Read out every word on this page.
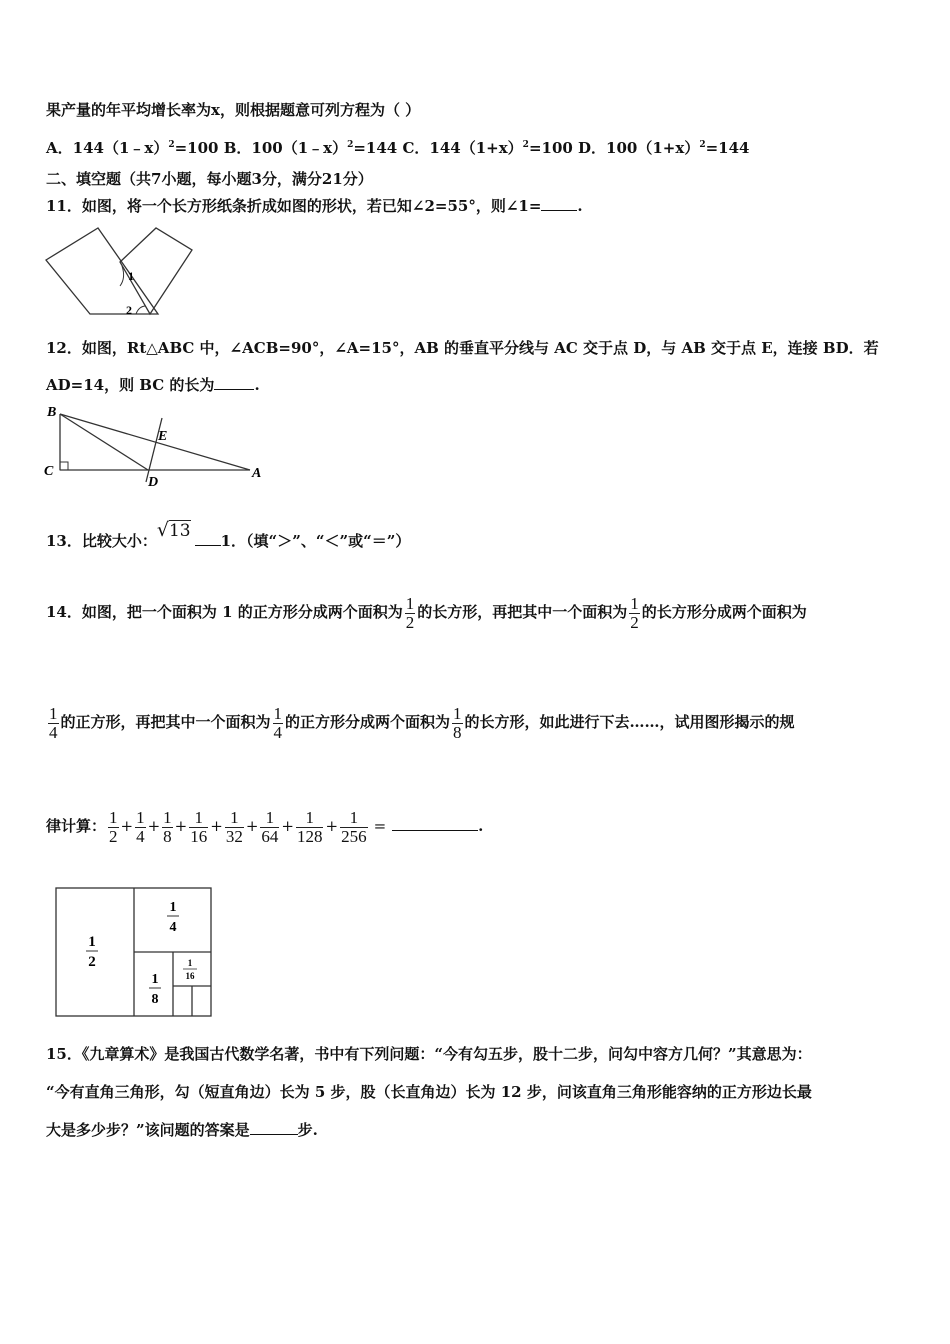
果产量的年平均增长率为x，则根据题意可列方程为（ ）
A．144（1﹣x）$^2$=100 B．100（1﹣x）$^2$=144 C．$144(1+x)^2=100$ D．$100(1+x)^2=144$
二、填空题（共7小题，每小题3分，满分21分）
11．如图，将一个长方形纸条折成如图的形状，若已知∠2=55°，则∠1= .
1
2
12．如图，Rt△ABC 中，∠ACB=90°，∠A=15°，AB 的垂直平分线与 AC 交于点 D，与 AB 交于点 E，连接 BD．若
AD=14，则 BC 的长为	.
B
C
D
E
A
13．比较大小：√13 1．（填“＞”、“＜”或“＝”）
14．如图，把一个面积为 1 的正方形分成两个面积为 $\frac{1}{2}$ 的长方形，再把其中一个面积为 $\frac{1}{2}$ 的长方形分成两个面积为
$\frac{1}{4}$ 的正方形，再把其中一个面积为 $\frac{1}{4}$ 的正方形分成两个面积为 $\frac{1}{8}$ 的长方形，如此进行下去……，试用图形揭示的规
律计算： $\frac{1}{2} + \frac{1}{4} + \frac{1}{8} + \frac{1}{16} + \frac{1}{32} + \frac{1}{64} + \frac{1}{128} + \frac{1}{256}$ =	.
1
2
1
4
1
8
1
16
15．《九章算术》是我国古代数学名著，书中有下列问题：“今有勾五步，股十二步，问勾中容方几何？”其意思为：
“今有直角三角形，勾（短直角边）长为 5 步，股（长直角边）长为 12 步，问该直角三角形能容纳的正方形边长最
大是多少步？”该问题的答案是	步.
